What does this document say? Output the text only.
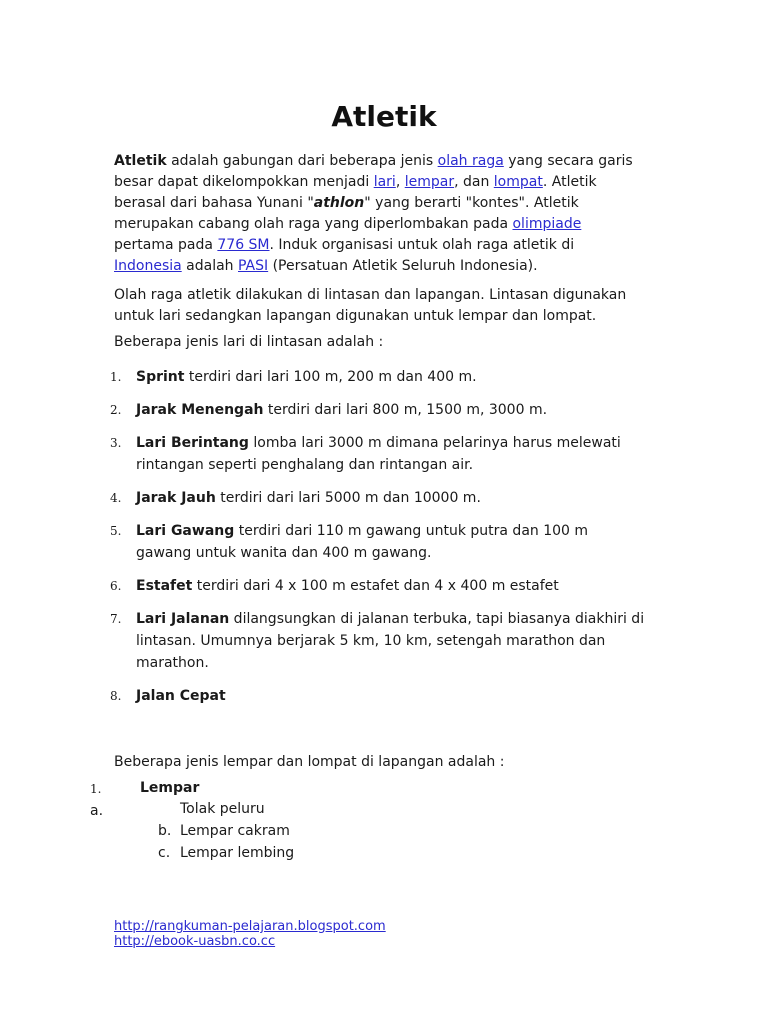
Atletik
Atletik adalah gabungan dari beberapa jenis olah raga yang secara garis besar dapat dikelompokkan menjadi lari, lempar, dan lompat. Atletik berasal dari bahasa Yunani "athlon" yang berarti "kontes". Atletik merupakan cabang olah raga yang diperlombakan pada olimpiade pertama pada 776 SM. Induk organisasi untuk olah raga atletik di Indonesia adalah PASI (Persatuan Atletik Seluruh Indonesia).
Olah raga atletik dilakukan di lintasan dan lapangan. Lintasan digunakan untuk lari sedangkan lapangan digunakan untuk lempar dan lompat.
Beberapa jenis lari di lintasan adalah :
1. Sprint terdiri dari lari 100 m, 200 m dan 400 m.
2. Jarak Menengah terdiri dari lari 800 m, 1500 m, 3000 m.
3. Lari Berintang lomba lari 3000 m dimana pelarinya harus melewati rintangan seperti penghalang dan rintangan air.
4. Jarak Jauh terdiri dari lari 5000 m dan 10000 m.
5. Lari Gawang terdiri dari 110 m gawang untuk putra dan 100 m gawang untuk wanita dan 400 m gawang.
6. Estafet terdiri dari 4 x 100 m estafet dan 4 x 400 m estafet
7. Lari Jalanan dilangsungkan di jalanan terbuka, tapi biasanya diakhiri di lintasan. Umumnya berjarak 5 km, 10 km, setengah marathon dan marathon.
8. Jalan Cepat
Beberapa jenis lempar dan lompat di lapangan adalah :
1.	Lempar
a.	Tolak peluru
b. Lempar cakram
c. Lempar lembing
http://rangkuman-pelajaran.blogspot.com
http://ebook-uasbn.co.cc
